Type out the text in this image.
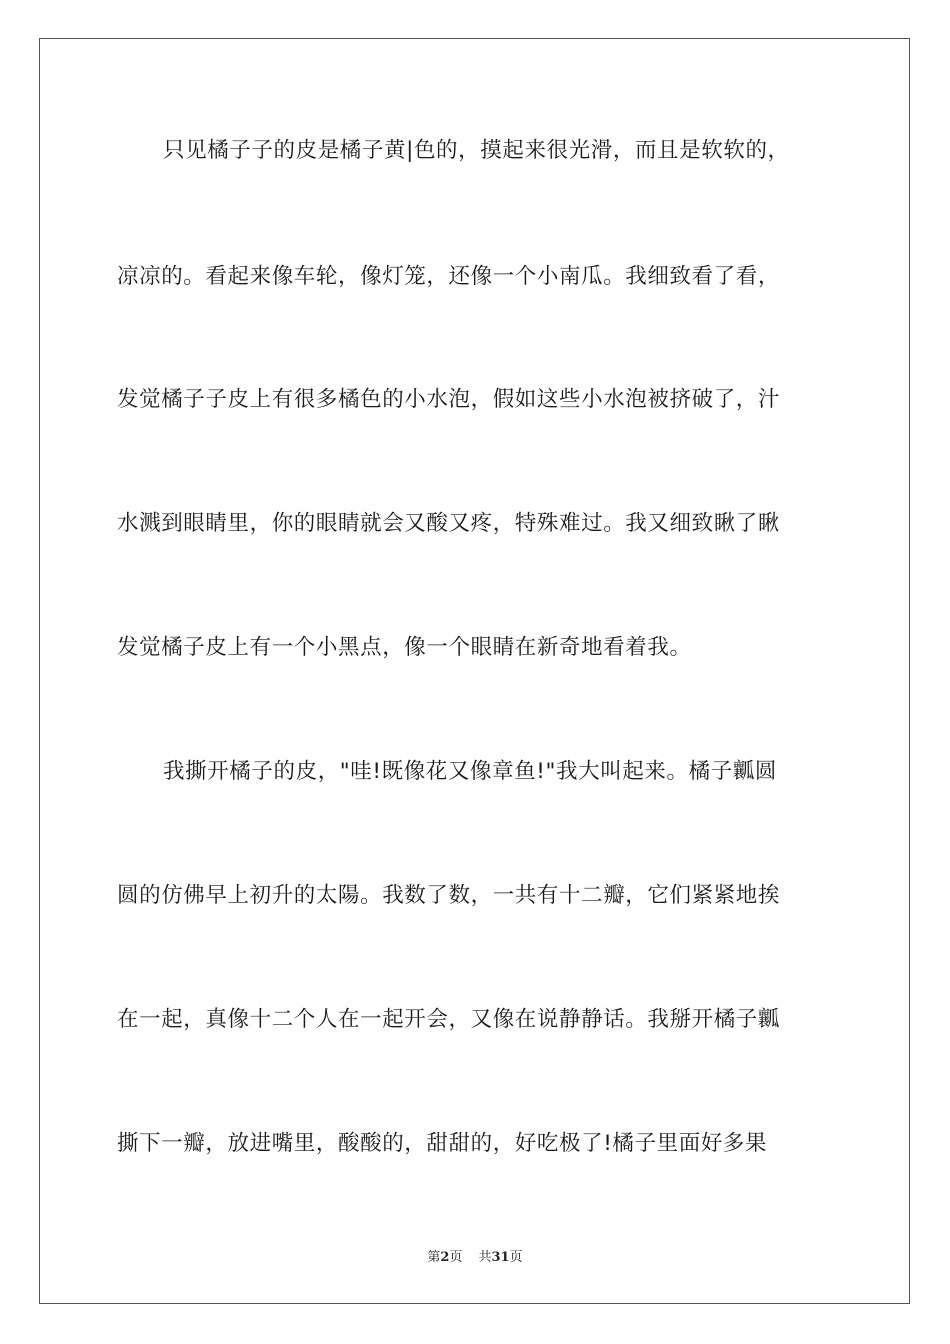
只见橘子子的皮是橘子黄|色的，摸起来很光滑，而且是软软的，
凉凉的。看起来像车轮，像灯笼，还像一个小南瓜。我细致看了看，
发觉橘子子皮上有很多橘色的小水泡，假如这些小水泡被挤破了，汁
水溅到眼睛里，你的眼睛就会又酸又疼，特殊难过。我又细致瞅了瞅
发觉橘子皮上有一个小黑点，像一个眼睛在新奇地看着我。
我撕开橘子的皮，"哇!既像花又像章鱼!"我大叫起来。橘子瓤圆
圆的仿佛早上初升的太陽。我数了数，一共有十二瓣，它们紧紧地挨
在一起，真像十二个人在一起开会，又像在说静静话。我掰开橘子瓤
撕下一瓣，放进嘴里，酸酸的，甜甜的，好吃极了!橘子里面好多果
第2页 共31页
